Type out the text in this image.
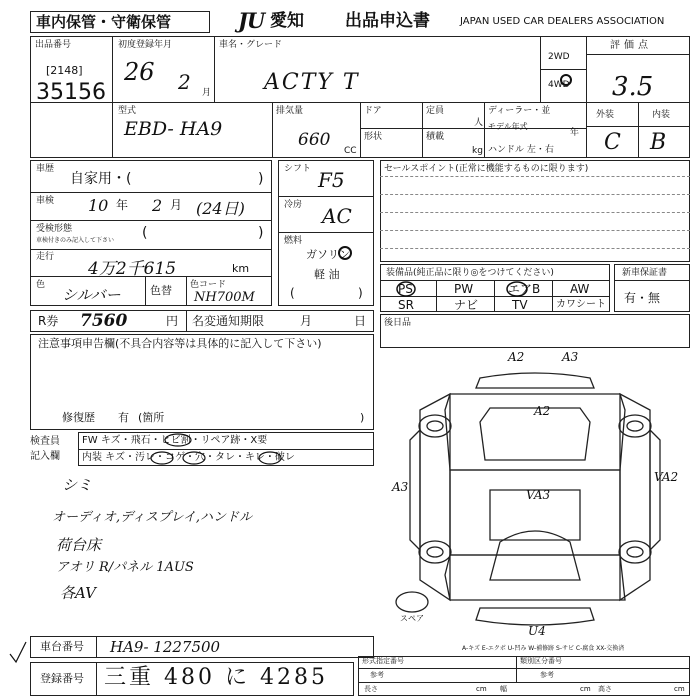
車内保管・守衛保管	JU 愛知 出品申込書	JAPAN USED CAR DEALERS ASSOCIATION
出品番号
[2148]
35156
初度登録年月
26 2 月
車名・グレード
ACTY T
2WD
4WD
評価点
3.5
型式
EBD- HA9
排気量
660
CC
ドア
形状
定員
人
積載
kg
ディーラー・並
モデル年式
年
ハンドル 左・右
外装	内装
C B
車歴
自家用・(	)
車検 10 年 2 月 (24日)
受検形態
車検付きのみ記入して下さい (	)
走行
4万2千615	km
色
シルバー	色替 色コード
NH700M
シフト F5
冷房 AC
燃料
ガソリン
軽 油
(	)
セールスポイント(正常に機能するものに限ります)
装備品(純正品に限り◎をつけてください)
PS	PW	エアB AW
SR	ナビ	TV	カワシート
新車保証書
有・無
R券 7560	円 名変通知期限	月	日 後日品
注意事項申告欄(不具合内容等は具体的に記入して下さい)
修復歴 有 (箇所	)
検査員記入欄
FW キズ・飛石・ヒビ割・リペア跡・X要
内装 キズ・汚レ・コゲ・穴・タレ・キレ・破レ
シミ
オーディオ,ディスプレイ,ハンドル
荷台床
アオリ R/パネル 1AUS
各AV
A2	A3
A2
A3
VA3
VA2
U4
スペア
A-キズ E-エクボ U-凹み W-補修跡 S-サビ C-腐食 XX-交換済
車台番号 HA9- 1227500
登録番号 三重 480 に 4285
形式指定番号
参考
類別区分番号
参考
長さ	cm 幅	cm 高さ	cm
